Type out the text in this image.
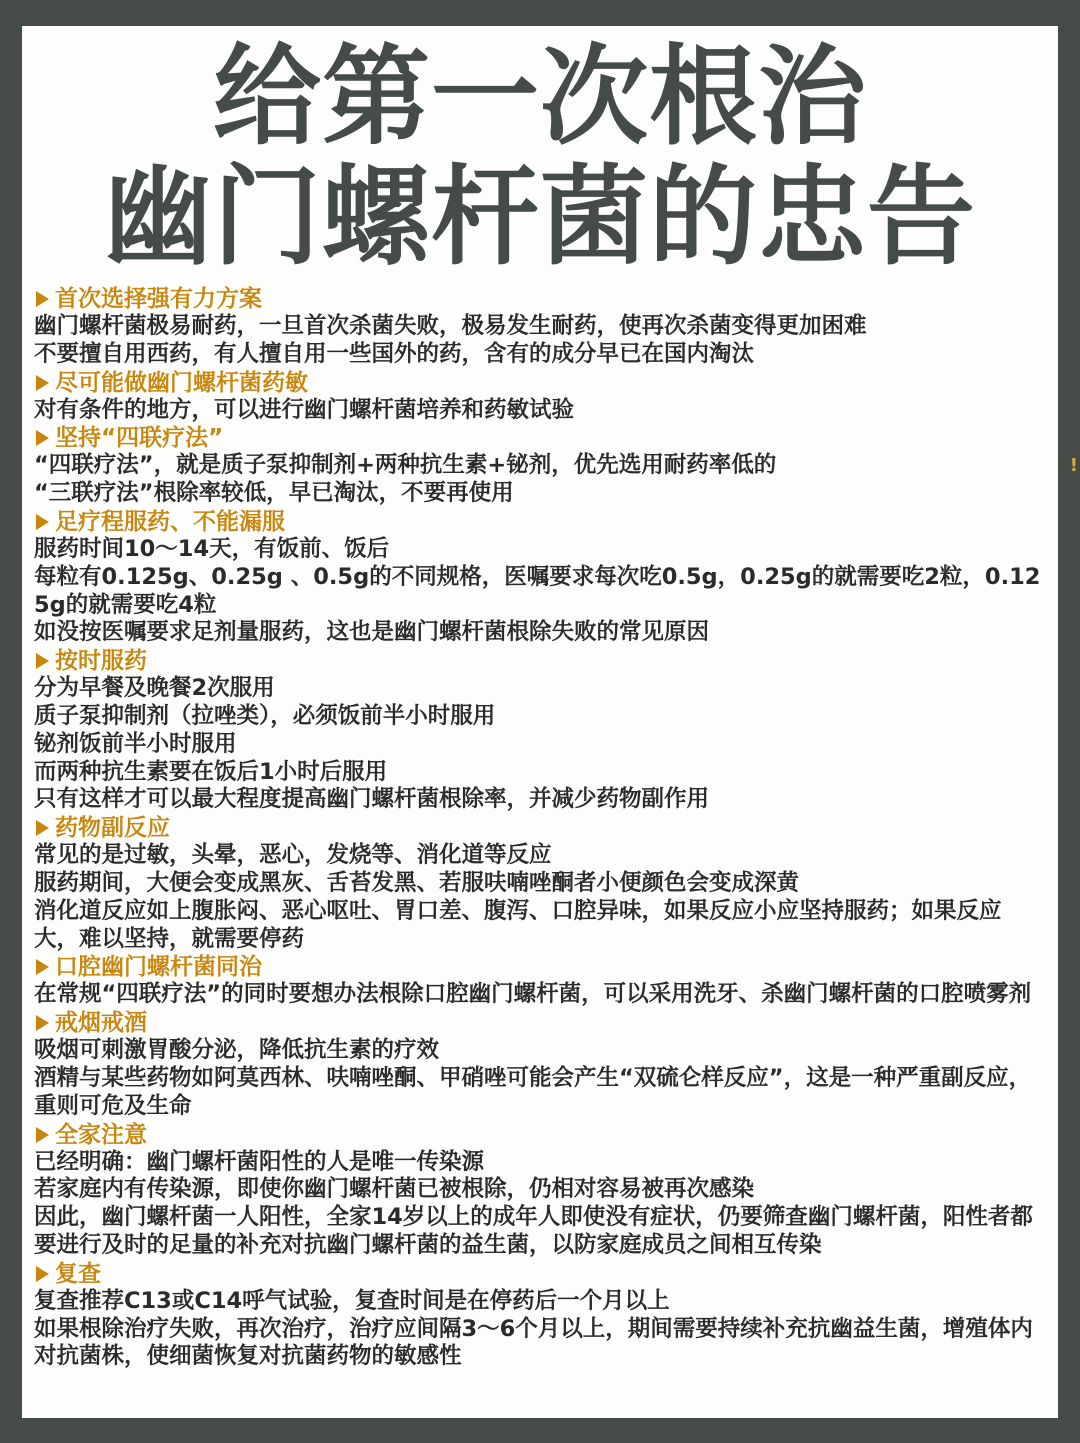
给第一次根治
幽门螺杆菌的忠告
首次选择强有力方案

幽门螺杆菌极易耐药，一旦首次杀菌失败，极易发生耐药，使再次杀菌变得更加困难

不要擅自用西药，有人擅自用一些国外的药，含有的成分早已在国内淘汰

尽可能做幽门螺杆菌药敏

对有条件的地方，可以进行幽门螺杆菌培养和药敏试验

坚持“四联疗法”

“四联疗法”，就是质子泵抑制剂+两种抗生素+铋剂，优先选用耐药率低的

“三联疗法”根除率较低，早已淘汰，不要再使用

足疗程服药、不能漏服

服药时间10～14天，有饭前、饭后

每粒有0.125g、0.25g 、0.5g的不同规格，医嘱要求每次吃0.5g，0.25g的就需要吃2粒，0.125g的就需要吃4粒

如没按医嘱要求足剂量服药，这也是幽门螺杆菌根除失败的常见原因

按时服药

分为早餐及晚餐2次服用

质子泵抑制剂（拉唑类），必须饭前半小时服用

铋剂饭前半小时服用

而两种抗生素要在饭后1小时后服用

只有这样才可以最大程度提高幽门螺杆菌根除率，并减少药物副作用

药物副反应

常见的是过敏，头晕，恶心，发烧等、消化道等反应

服药期间，大便会变成黑灰、舌苔发黑、若服呋喃唑酮者小便颜色会变成深黄

消化道反应如上腹胀闷、恶心呕吐、胃口差、腹泻、口腔异味，如果反应小应坚持服药；如果反应大，难以坚持，就需要停药

口腔幽门螺杆菌同治

在常规“四联疗法”的同时要想办法根除口腔幽门螺杆菌，可以采用洗牙、杀幽门螺杆菌的口腔喷雾剂

戒烟戒酒

吸烟可刺激胃酸分泌，降低抗生素的疗效

酒精与某些药物如阿莫西林、呋喃唑酮、甲硝唑可能会产生“双硫仑样反应”，这是一种严重副反应，重则可危及生命

全家注意

已经明确：幽门螺杆菌阳性的人是唯一传染源

若家庭内有传染源，即使你幽门螺杆菌已被根除，仍相对容易被再次感染

因此，幽门螺杆菌一人阳性，全家14岁以上的成年人即使没有症状，仍要筛查幽门螺杆菌，阳性者都要进行及时的足量的补充对抗幽门螺杆菌的益生菌，以防家庭成员之间相互传染

复查

复查推荐C13或C14呼气试验，复查时间是在停药后一个月以上

如果根除治疗失败，再次治疗，治疗应间隔3～6个月以上，期间需要持续补充抗幽益生菌，增殖体内对抗菌株，使细菌恢复对抗菌药物的敏感性

!
